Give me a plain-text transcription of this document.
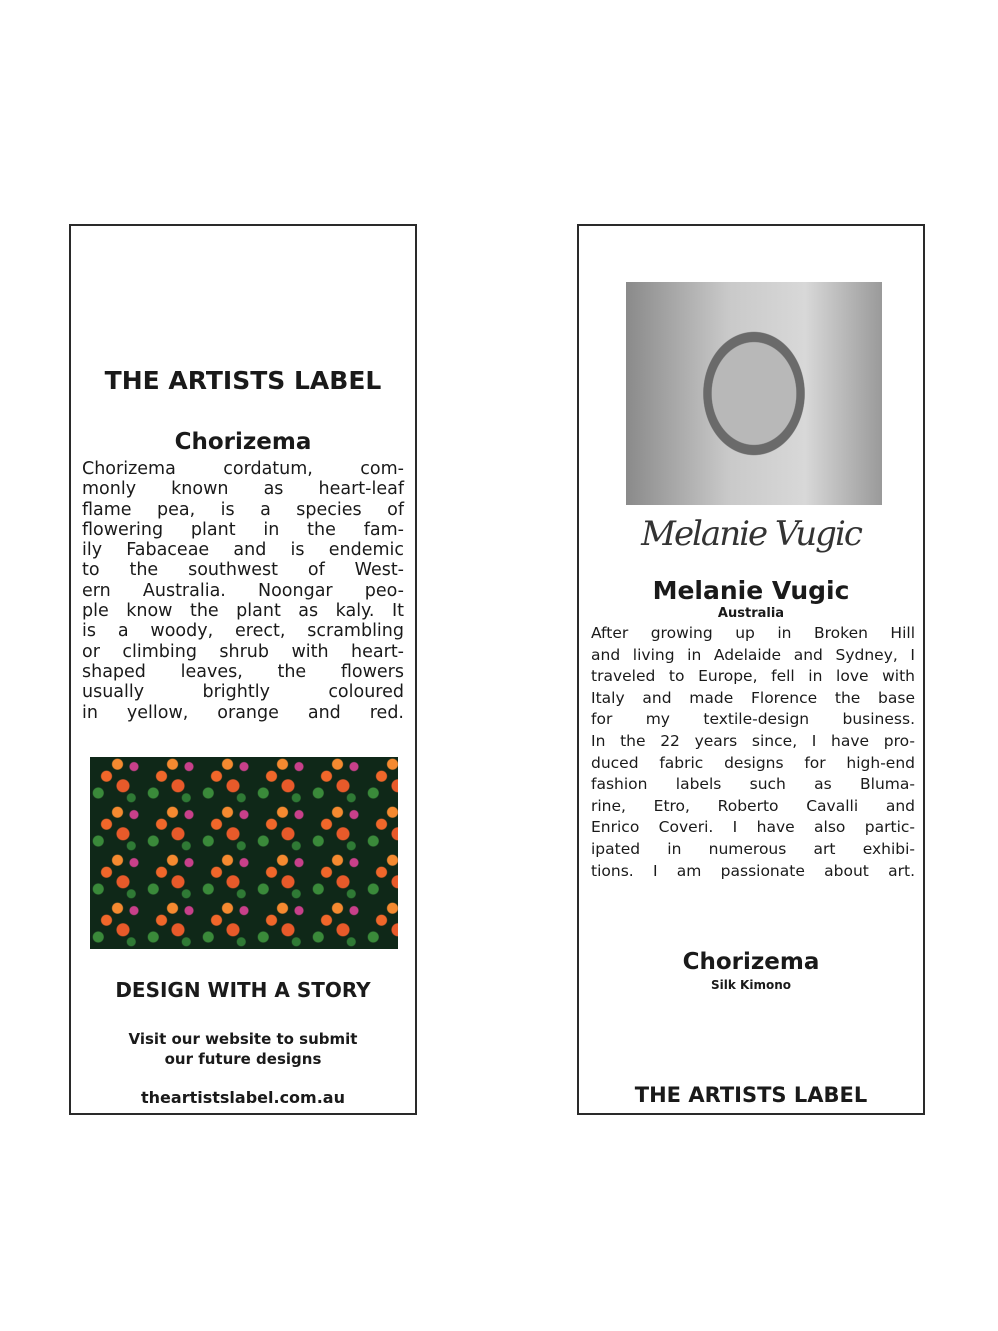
THE ARTISTS LABEL
Chorizema
Chorizema cordatum, com-
monly known as heart-leaf
flame pea, is a species of
flowering plant in the fam-
ily Fabaceae and is endemic
to the southwest of West-
ern Australia. Noongar peo-
ple know the plant as kaly. It
is a woody, erect, scrambling
or climbing shrub with heart-
shaped leaves, the flowers
usually brightly coloured
in yellow, orange and red.
DESIGN WITH A STORY
Visit our website to submit
our future designs
theartistslabel.com.au
Melanie Vugic
Melanie Vugic
Australia
After growing up in Broken Hill
and living in Adelaide and Sydney, I
traveled to Europe, fell in love with
Italy and made Florence the base
for my textile-design business.
In the 22 years since, I have pro-
duced fabric designs for high-end
fashion labels such as Bluma-
rine, Etro, Roberto Cavalli and
Enrico Coveri. I have also partic-
ipated in numerous art exhibi-
tions. I am passionate about art.
Chorizema
Silk Kimono
THE ARTISTS LABEL
